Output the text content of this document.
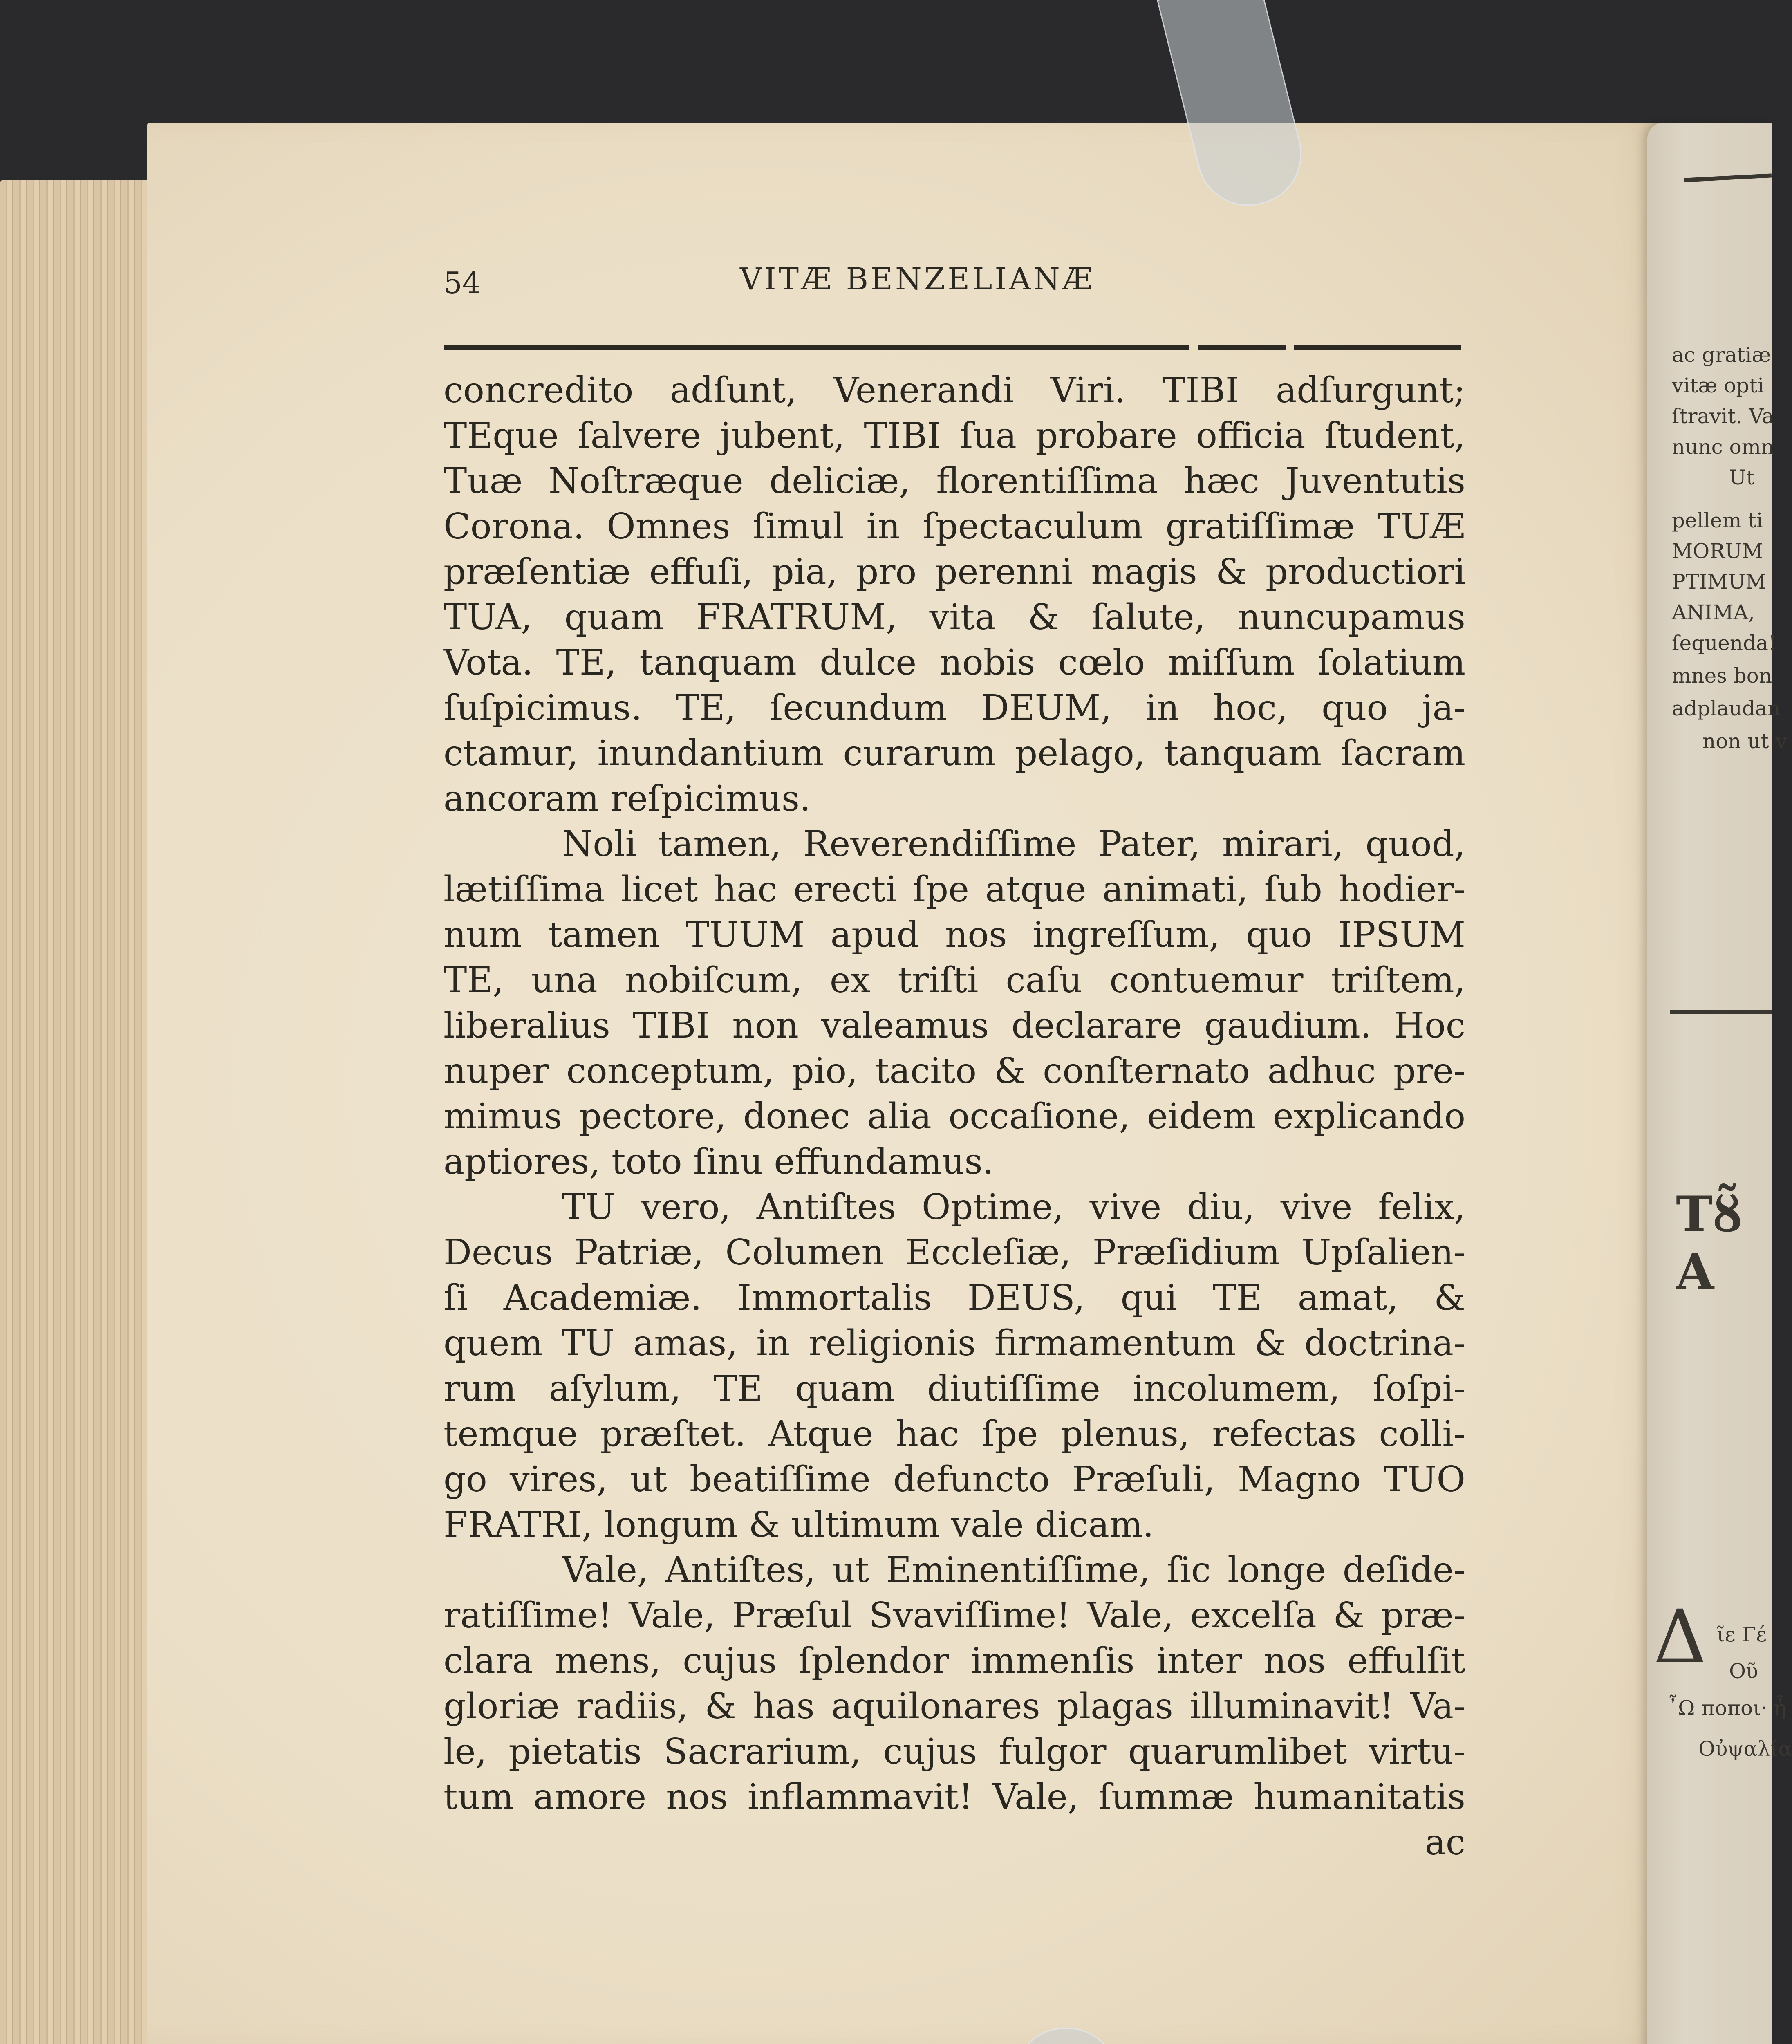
54	VITÆ BENZELIANÆ
concredito adſunt, Venerandi Viri. TIBI adſurgunt;
TEque ſalvere jubent, TIBI ſua probare officia ſtudent,
Tuæ Noſtræque deliciæ, florentiſſima hæc Juventutis
Corona. Omnes ſimul in ſpectaculum gratiſſimæ TUÆ
præſentiæ effuſi, pia, pro perenni magis & productiori
TUA, quam FRATRUM, vita & ſalute, nuncupamus
Vota. TE, tanquam dulce nobis cœlo miſſum ſolatium
ſuſpicimus. TE, ſecundum DEUM, in hoc, quo ja-
ctamur, inundantium curarum pelago, tanquam ſacram
ancoram reſpicimus.
Noli tamen, Reverendiſſime Pater, mirari, quod,
lætiſſima licet hac erecti ſpe atque animati, ſub hodier-
num tamen TUUM apud nos ingreſſum, quo IPSUM
TE, una nobiſcum, ex triſti caſu contuemur triſtem,
liberalius TIBI non valeamus declarare gaudium. Hoc
nuper conceptum, pio, tacito & conſternato adhuc pre-
mimus pectore, donec alia occaſione, eidem explicando
aptiores, toto ſinu effundamus.
TU vero, Antiſtes Optime, vive diu, vive felix,
Decus Patriæ, Columen Eccleſiæ, Præſidium Upſalien-
ſi Academiæ. Immortalis DEUS, qui TE amat, &
quem TU amas, in religionis firmamentum & doctrina-
rum aſylum, TE quam diutiſſime incolumem, ſoſpi-
temque præſtet. Atque hac ſpe plenus, refectas colli-
go vires, ut beatiſſime defuncto Præſuli, Magno TUO
FRATRI, longum & ultimum vale dicam.
Vale, Antiſtes, ut Eminentiſſime, ſic longe deſide-
ratiſſime! Vale, Præſul Svaviſſime! Vale, excelſa & præ-
clara mens, cujus ſplendor immenſis inter nos effulſit
gloriæ radiis, & has aquilonares plagas illuminavit! Va-
le, pietatis Sacrarium, cujus fulgor quarumlibet virtu-
tum amore nos inflammavit! Vale, ſummæ humanitatis
ac
ac gratiæ
vitæ opti
ſtravit. Va
nunc omn
Ut
pellem ti
MORUM
PTIMUM
ANIMA,
ſequenda!
mnes bon
adplaudan
non ut v
Τȣ̃ A
Δ ῖε Γέ
Οῦ
῏Ω ποποι· ἦ
Οὐψαλία
